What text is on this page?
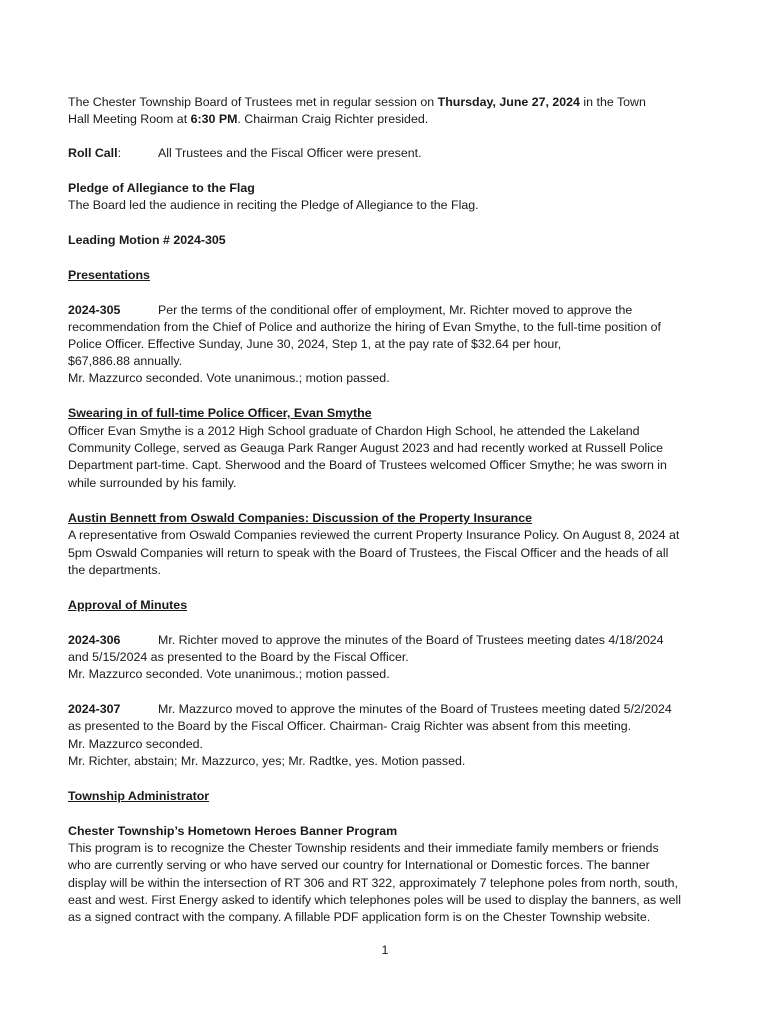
The Chester Township Board of Trustees met in regular session on Thursday, June 27, 2024 in the Town
Hall Meeting Room at 6:30 PM. Chairman Craig Richter presided.
Roll Call:	All Trustees and the Fiscal Officer were present.
Pledge of Allegiance to the Flag
The Board led the audience in reciting the Pledge of Allegiance to the Flag.
Leading Motion # 2024-305
Presentations
2024-305	Per the terms of the conditional offer of employment, Mr. Richter moved to approve the
recommendation from the Chief of Police and authorize the hiring of Evan Smythe, to the full-time position of
Police Officer. Effective Sunday, June 30, 2024, Step 1, at the pay rate of $32.64 per hour,
$67,886.88 annually.
Mr. Mazzurco seconded. Vote unanimous.; motion passed.
Swearing in of full-time Police Officer, Evan Smythe
Officer Evan Smythe is a 2012 High School graduate of Chardon High School, he attended the Lakeland
Community College, served as Geauga Park Ranger August 2023 and had recently worked at Russell Police
Department part-time. Capt. Sherwood and the Board of Trustees welcomed Officer Smythe; he was sworn in
while surrounded by his family.
Austin Bennett from Oswald Companies: Discussion of the Property Insurance
A representative from Oswald Companies reviewed the current Property Insurance Policy. On August 8, 2024 at
5pm Oswald Companies will return to speak with the Board of Trustees, the Fiscal Officer and the heads of all
the departments.
Approval of Minutes
2024-306	Mr. Richter moved to approve the minutes of the Board of Trustees meeting dates 4/18/2024
and 5/15/2024 as presented to the Board by the Fiscal Officer.
Mr. Mazzurco seconded. Vote unanimous.; motion passed.
2024-307	Mr. Mazzurco moved to approve the minutes of the Board of Trustees meeting dated 5/2/2024
as presented to the Board by the Fiscal Officer. Chairman- Craig Richter was absent from this meeting.
Mr. Mazzurco seconded.
Mr. Richter, abstain; Mr. Mazzurco, yes; Mr. Radtke, yes. Motion passed.
Township Administrator
Chester Township’s Hometown Heroes Banner Program
This program is to recognize the Chester Township residents and their immediate family members or friends
who are currently serving or who have served our country for International or Domestic forces. The banner
display will be within the intersection of RT 306 and RT 322, approximately 7 telephone poles from north, south,
east and west. First Energy asked to identify which telephones poles will be used to display the banners, as well
as a signed contract with the company. A fillable PDF application form is on the Chester Township website.
1
